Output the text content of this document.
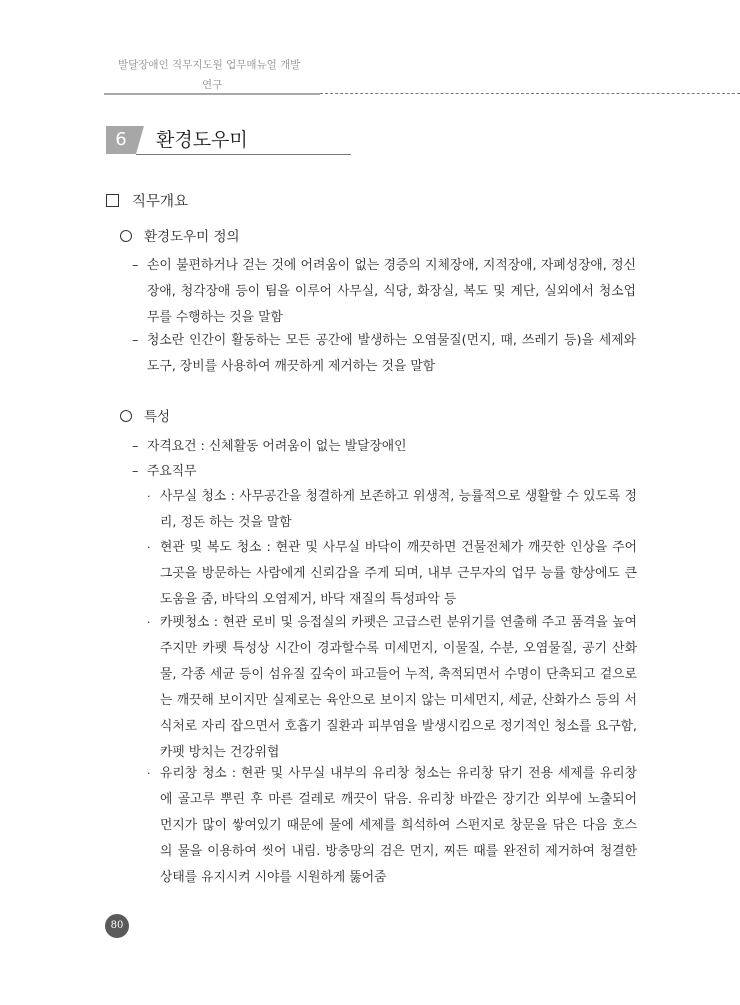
발달장애인 직무지도원 업무매뉴얼 개발
연구
6	환경도우미
직무개요
환경도우미 정의
– 손이 불편하거나 걷는 것에 어려움이 없는 경증의 지체장애, 지적장애, 자폐성장애, 정신장애, 청각장애 등이 팀을 이루어 사무실, 식당, 화장실, 복도 및 계단, 실외에서 청소업무를 수행하는 것을 말함
– 청소란 인간이 활동하는 모든 공간에 발생하는 오염물질(먼지, 때, 쓰레기 등)을 세제와 도구, 장비를 사용하여 깨끗하게 제거하는 것을 말함
특성
– 자격요건 : 신체활동 어려움이 없는 발달장애인
– 주요직무
· 사무실 청소 : 사무공간을 청결하게 보존하고 위생적, 능률적으로 생활할 수 있도록 정리, 정돈 하는 것을 말함
· 현관 및 복도 청소 : 현관 및 사무실 바닥이 깨끗하면 건물전체가 깨끗한 인상을 주어 그곳을 방문하는 사람에게 신뢰감을 주게 되며, 내부 근무자의 업무 능률 향상에도 큰 도움을 줌, 바닥의 오염제거, 바닥 재질의 특성파악 등
· 카펫청소 : 현관 로비 및 응접실의 카펫은 고급스런 분위기를 연출해 주고 품격을 높여주지만 카펫 특성상 시간이 경과할수록 미세먼지, 이물질, 수분, 오염물질, 공기 산화물, 각종 세균 등이 섬유질 깊숙이 파고들어 누적, 축적되면서 수명이 단축되고 겉으로는 깨끗해 보이지만 실제로는 육안으로 보이지 않는 미세먼지, 세균, 산화가스 등의 서식처로 자리 잡으면서 호흡기 질환과 피부염을 발생시킴으로 정기적인 청소를 요구함, 카펫 방치는 건강위협
· 유리창 청소 : 현관 및 사무실 내부의 유리창 청소는 유리창 닦기 전용 세제를 유리창에 골고루 뿌린 후 마른 걸레로 깨끗이 닦음. 유리창 바깥은 장기간 외부에 노출되어 먼지가 많이 쌓여있기 때문에 물에 세제를 희석하여 스펀지로 창문을 닦은 다음 호스의 물을 이용하여 씻어 내림. 방충망의 검은 먼지, 찌든 때를 완전히 제거하여 청결한 상태를 유지시켜 시야를 시원하게 뚫어줌
80
